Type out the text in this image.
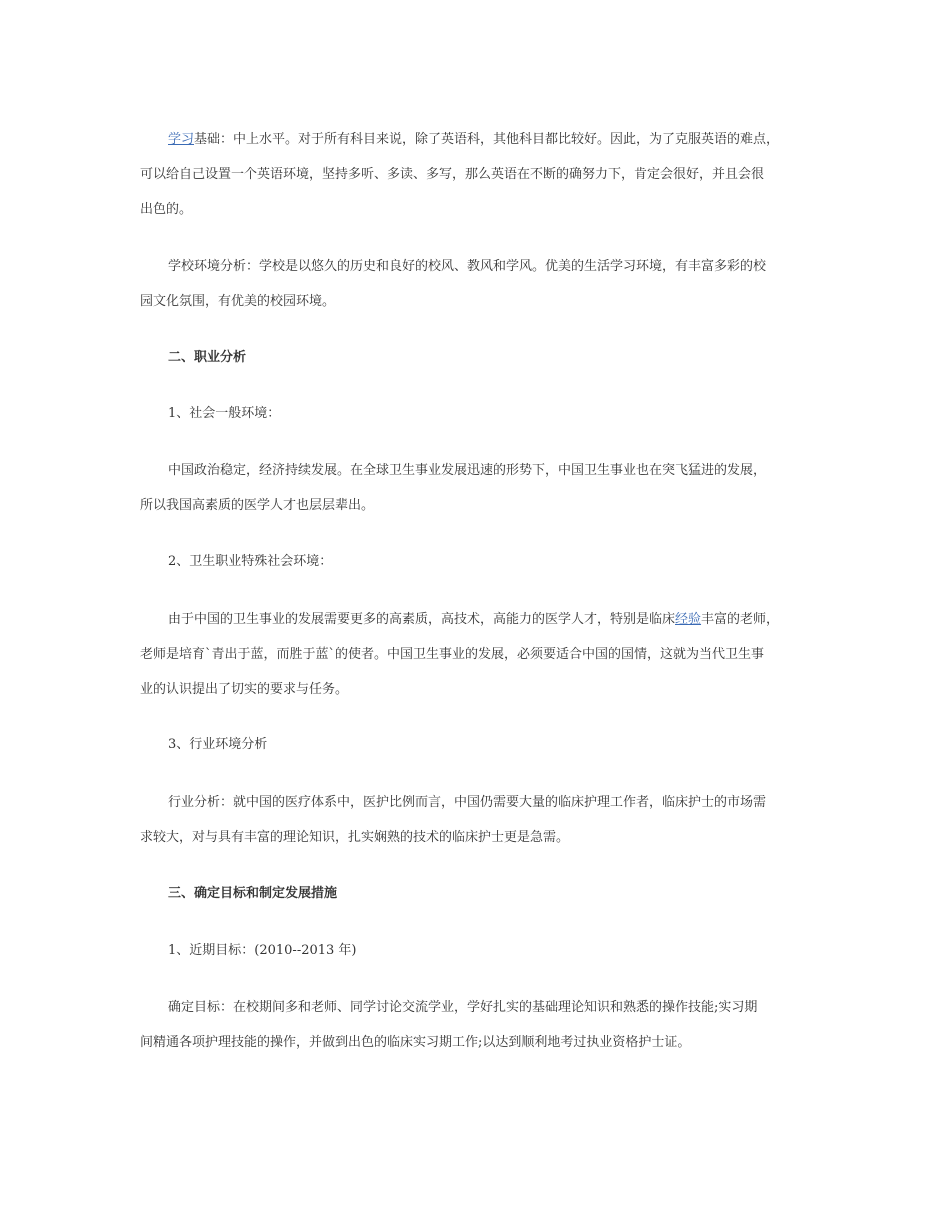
学习基础：中上水平。对于所有科目来说，除了英语科，其他科目都比较好。因此，为了克服英语的难点，
可以给自己设置一个英语环境，坚持多听、多读、多写，那么英语在不断的确努力下，肯定会很好，并且会很
出色的。
学校环境分析：学校是以悠久的历史和良好的校风、教风和学风。优美的生活学习环境，有丰富多彩的校
园文化氛围，有优美的校园环境。
二、职业分析
1、社会一般环境：
中国政治稳定，经济持续发展。在全球卫生事业发展迅速的形势下，中国卫生事业也在突飞猛进的发展，
所以我国高素质的医学人才也层层辈出。
2、卫生职业特殊社会环境：
由于中国的卫生事业的发展需要更多的高素质，高技术，高能力的医学人才，特别是临床经验丰富的老师，
老师是培育`青出于蓝，而胜于蓝`的使者。中国卫生事业的发展，必须要适合中国的国情，这就为当代卫生事
业的认识提出了切实的要求与任务。
3、行业环境分析
行业分析：就中国的医疗体系中，医护比例而言，中国仍需要大量的临床护理工作者，临床护士的市场需
求较大，对与具有丰富的理论知识，扎实娴熟的技术的临床护士更是急需。
三、确定目标和制定发展措施
1、近期目标：(2010--2013 年)
确定目标：在校期间多和老师、同学讨论交流学业，学好扎实的基础理论知识和熟悉的操作技能;实习期
间精通各项护理技能的操作，并做到出色的临床实习期工作;以达到顺利地考过执业资格护士证。
